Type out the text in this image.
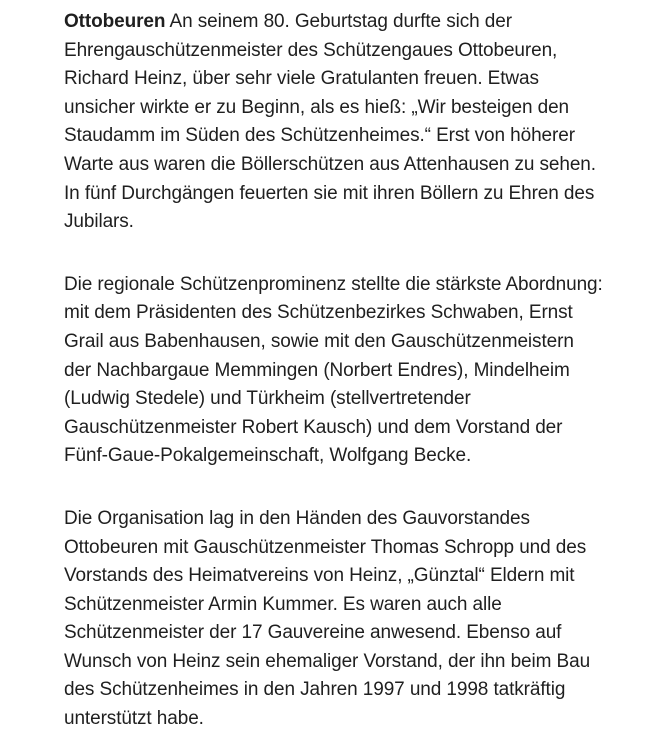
Ottobeuren An seinem 80. Geburtstag durfte sich der Ehrengauschützenmeister des Schützengaues Ottobeuren, Richard Heinz, über sehr viele Gratulanten freuen. Etwas unsicher wirkte er zu Beginn, als es hieß: „Wir besteigen den Staudamm im Süden des Schützenheimes.“ Erst von höherer Warte aus waren die Böllerschützen aus Attenhausen zu sehen. In fünf Durchgängen feuerten sie mit ihren Böllern zu Ehren des Jubilars.

Die regionale Schützenprominenz stellte die stärkste Abordnung: mit dem Präsidenten des Schützenbezirkes Schwaben, Ernst Grail aus Babenhausen, sowie mit den Gauschützenmeistern der Nachbargaue Memmingen (Norbert Endres), Mindelheim (Ludwig Stedele) und Türkheim (stellvertretender Gauschützenmeister Robert Kausch) und dem Vorstand der Fünf-Gaue-Pokalgemeinschaft, Wolfgang Becke.

Die Organisation lag in den Händen des Gauvorstandes Ottobeuren mit Gauschützenmeister Thomas Schropp und des Vorstands des Heimatvereins von Heinz, „Günztal“ Eldern mit Schützenmeister Armin Kummer. Es waren auch alle Schützenmeister der 17 Gauvereine anwesend. Ebenso auf Wunsch von Heinz sein ehemaliger Vorstand, der ihn beim Bau des Schützenheimes in den Jahren 1997 und 1998 tatkräftig unterstützt habe.
